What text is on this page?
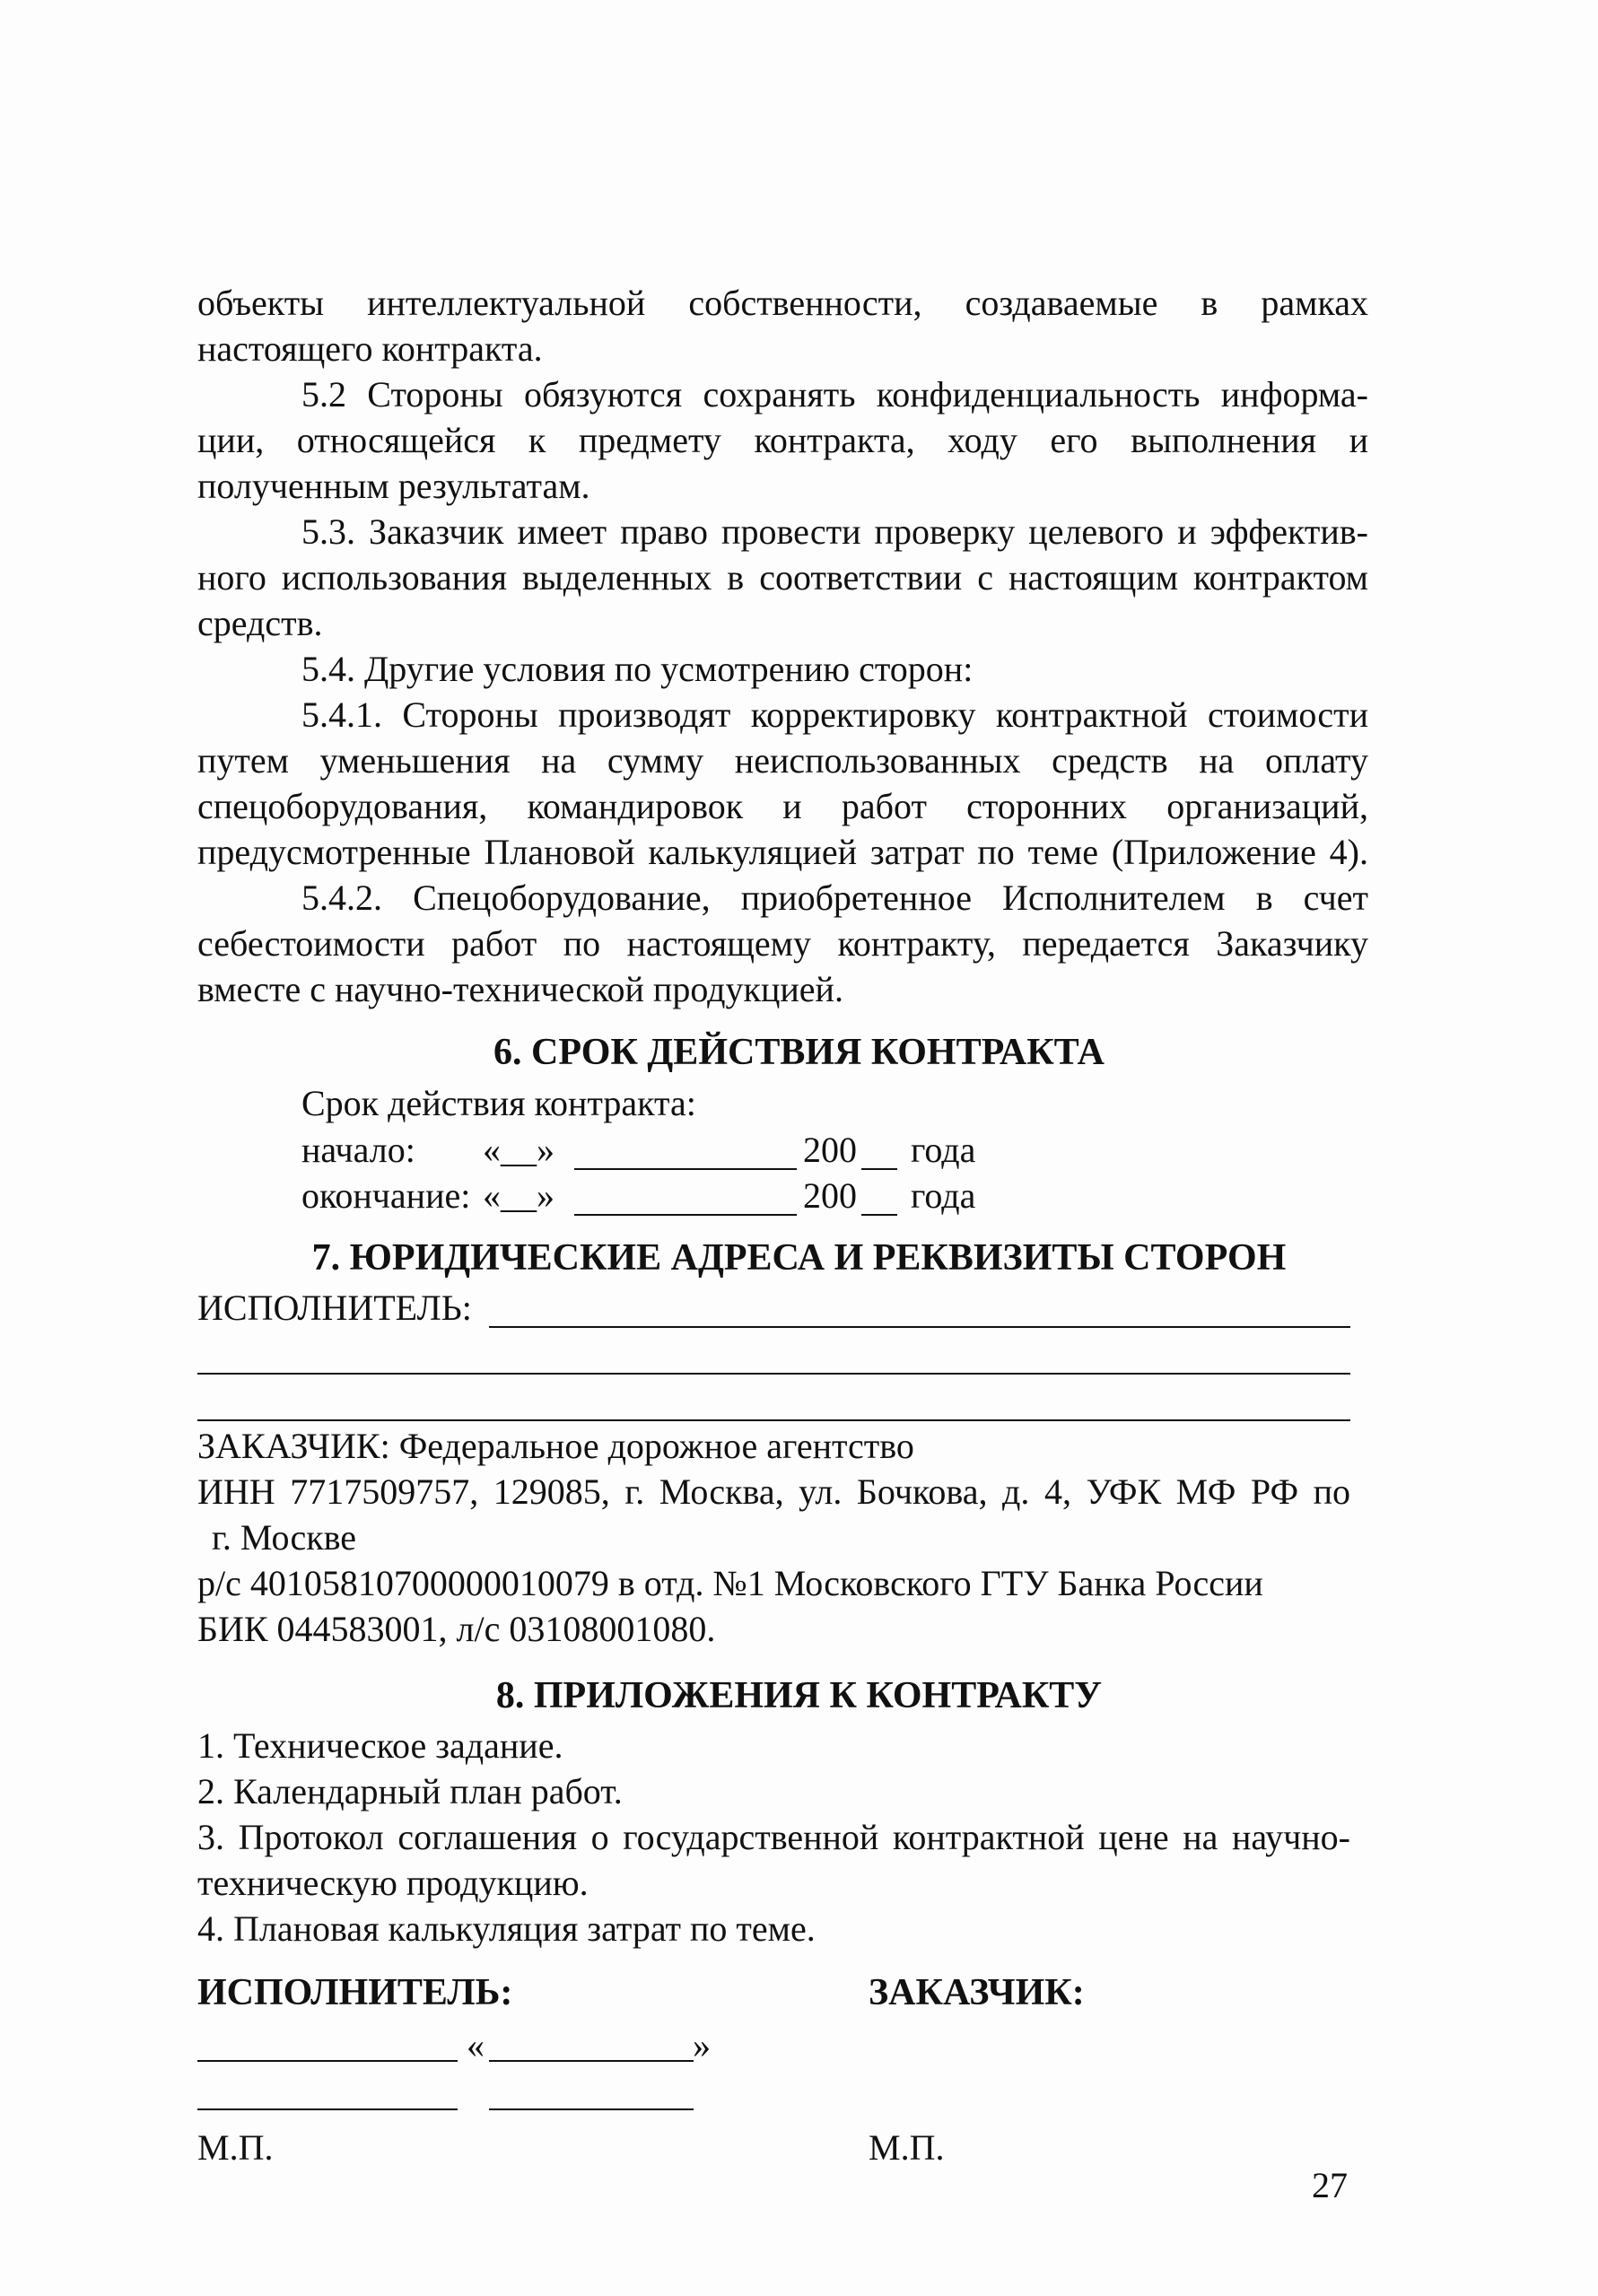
объекты интеллектуальной собственности, создаваемые в рамках

настоящего контракта.

5.2 Стороны обязуются сохранять конфиденциальность информа-

ции, относящейся к предмету контракта, ходу его выполнения и

полученным результатам.

5.3. Заказчик имеет право провести проверку целевого и эффектив-

ного использования выделенных в соответствии с настоящим контрактом

средств.

5.4. Другие условия по усмотрению сторон:

5.4.1. Стороны производят корректировку контрактной стоимости

путем уменьшения на сумму неиспользованных средств на оплату

спецоборудования, командировок и работ сторонних организаций,

предусмотренные Плановой калькуляцией затрат по теме (Приложение 4).

5.4.2. Спецоборудование, приобретенное Исполнителем в счет

себестоимости работ по настоящему контракту, передается Заказчику

вместе с научно-технической продукцией.

6. СРОК ДЕЙСТВИЯ КОНТРАКТА
Срок действия контракта:
начало: «__»	200 года
окончание: «__»	200 года
7. ЮРИДИЧЕСКИЕ АДРЕСА И РЕКВИЗИТЫ СТОРОН
ИСПОЛНИТЕЛЬ:
ЗАКАЗЧИК: Федеральное дорожное агентство

ИНН 7717509757, 129085, г. Москва, ул. Бочкова, д. 4, УФК МФ РФ по

г. Москве
р/с 40105810700000010079 в отд. №1 Московского ГТУ Банка России
БИК 044583001, л/с 03108001080.
8. ПРИЛОЖЕНИЯ К КОНТРАКТУ
1. Техническое задание.
2. Календарный план работ.

3. Протокол соглашения о государственной контрактной цене на научно-

техническую продукцию.
4. Плановая калькуляция затрат по теме.
ИСПОЛНИТЕЛЬ:	ЗАКАЗЧИК:
«	»
М.П.	М.П.
27
